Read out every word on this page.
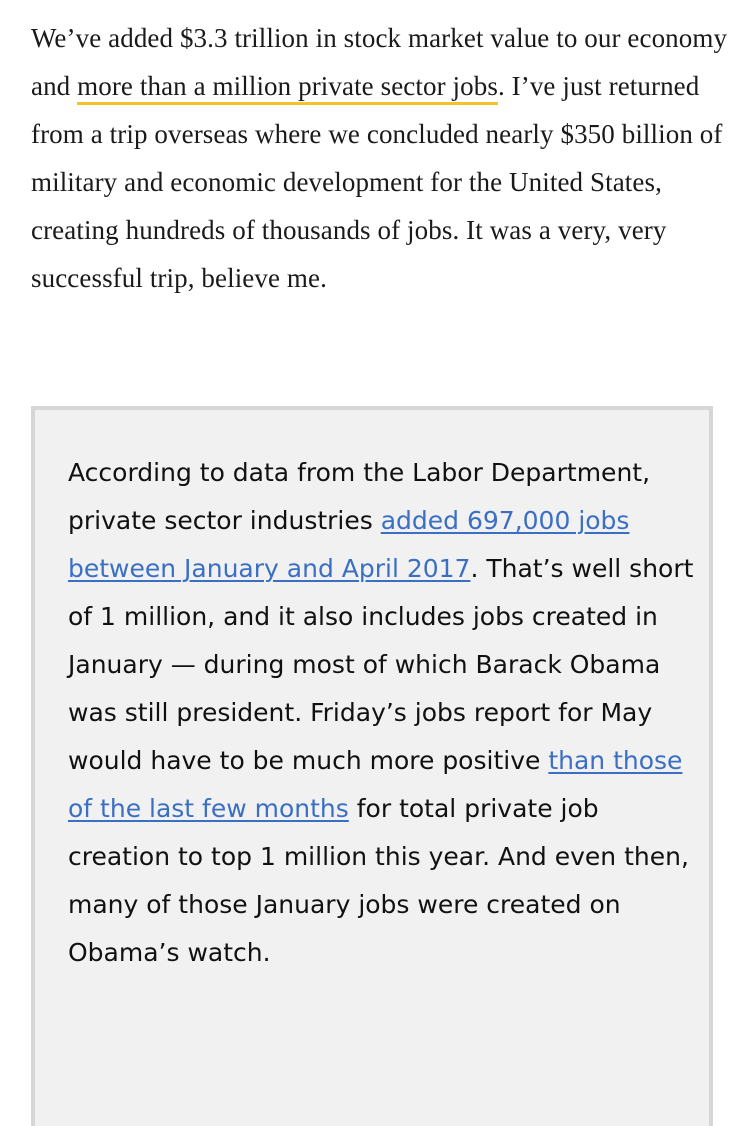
We’ve added $3.3 trillion in stock market value to our economy and more than a million private sector jobs. I’ve just returned from a trip overseas where we concluded nearly $350 billion of military and economic development for the United States, creating hundreds of thousands of jobs. It was a very, very successful trip, believe me.

According to data from the Labor Department, private sector industries added 697,000 jobs between January and April 2017. That’s well short of 1 million, and it also includes jobs created in January — during most of which Barack Obama was still president. Friday’s jobs report for May would have to be much more positive than those of the last few months for total private job creation to top 1 million this year. And even then, many of those January jobs were created on Obama’s watch.
